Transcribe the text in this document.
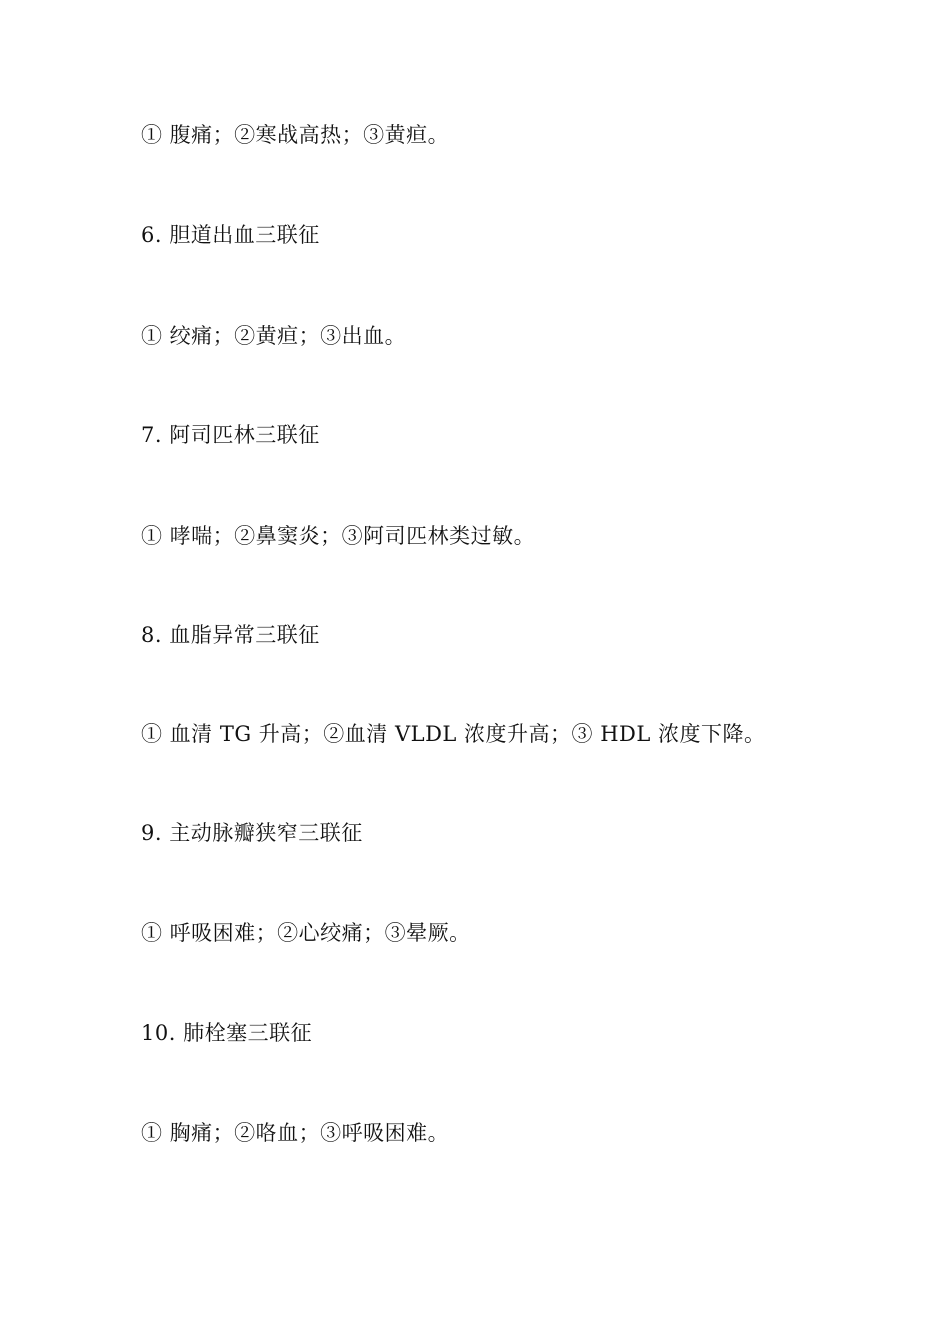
① 腹痛；②寒战高热；③黄疸。
6. 胆道出血三联征
① 绞痛；②黄疸；③出血。
7. 阿司匹林三联征
① 哮喘；②鼻窦炎；③阿司匹林类过敏。
8. 血脂异常三联征
① 血清 TG 升高；②血清 VLDL 浓度升高；③ HDL 浓度下降。
9. 主动脉瓣狭窄三联征
① 呼吸困难；②心绞痛；③晕厥。
10. 肺栓塞三联征
① 胸痛；②咯血；③呼吸困难。
